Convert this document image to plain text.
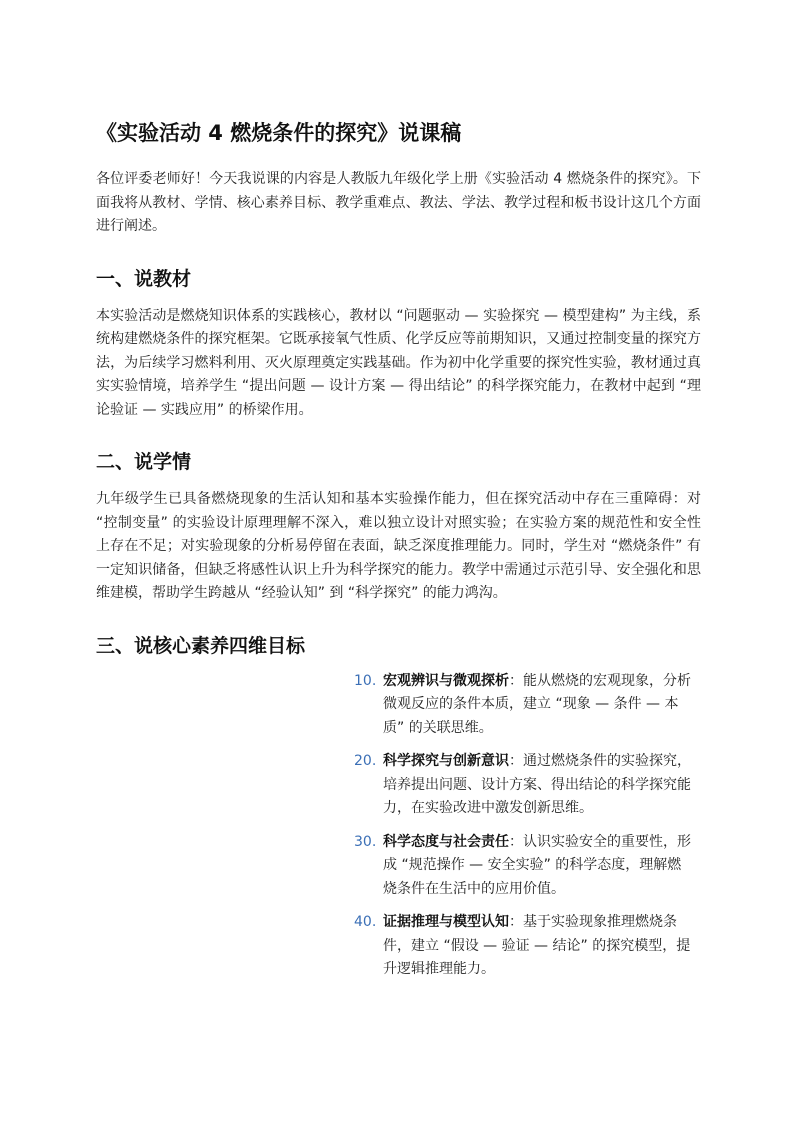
《实验活动 4 燃烧条件的探究》说课稿

各位评委老师好！今天我说课的内容是人教版九年级化学上册《实验活动 4 燃烧条件的探究》。下面我将从教材、学情、核心素养目标、教学重难点、教法、学法、教学过程和板书设计这几个方面进行阐述。

一、说教材

本实验活动是燃烧知识体系的实践核心，教材以 “问题驱动 — 实验探究 — 模型建构” 为主线，系统构建燃烧条件的探究框架。它既承接氧气性质、化学反应等前期知识，又通过控制变量的探究方法，为后续学习燃料利用、灭火原理奠定实践基础。作为初中化学重要的探究性实验，教材通过真实实验情境，培养学生 “提出问题 — 设计方案 — 得出结论” 的科学探究能力，在教材中起到 “理论验证 — 实践应用” 的桥梁作用。

二、说学情

九年级学生已具备燃烧现象的生活认知和基本实验操作能力，但在探究活动中存在三重障碍：对 “控制变量” 的实验设计原理理解不深入，难以独立设计对照实验；在实验方案的规范性和安全性上存在不足；对实验现象的分析易停留在表面，缺乏深度推理能力。同时，学生对 “燃烧条件” 有一定知识储备，但缺乏将感性认识上升为科学探究的能力。教学中需通过示范引导、安全强化和思维建模，帮助学生跨越从 “经验认知” 到 “科学探究” 的能力鸿沟。

三、说核心素养四维目标
10. 宏观辨识与微观探析：能从燃烧的宏观现象，分析微观反应的条件本质，建立 “现象 — 条件 — 本质” 的关联思维。
20. 科学探究与创新意识：通过燃烧条件的实验探究，培养提出问题、设计方案、得出结论的科学探究能力，在实验改进中激发创新思维。
30. 科学态度与社会责任：认识实验安全的重要性，形成 “规范操作 — 安全实验” 的科学态度，理解燃烧条件在生活中的应用价值。
40. 证据推理与模型认知：基于实验现象推理燃烧条件，建立 “假设 — 验证 — 结论” 的探究模型，提升逻辑推理能力。
